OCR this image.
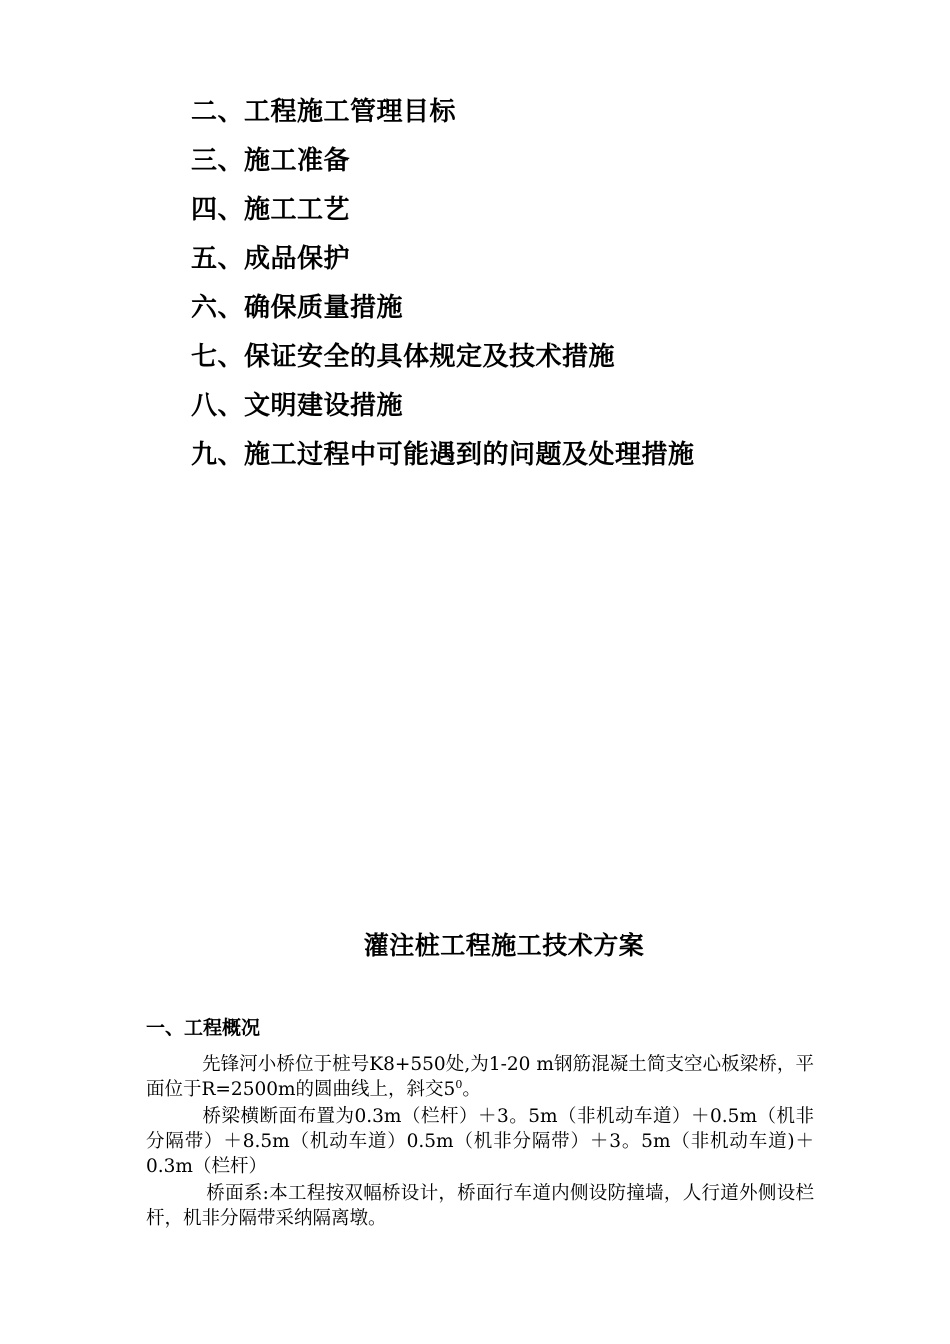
二、工程施工管理目标
三、施工准备
四、施工工艺
五、成品保护
六、确保质量措施
七、保证安全的具体规定及技术措施
八、文明建设措施
九、施工过程中可能遇到的问题及处理措施
灌注桩工程施工技术方案
一、工程概况

先锋河小桥位于桩号K8+550处,为1-20 m钢筋混凝土简支空心板梁桥，平面位于R=2500m的圆曲线上，斜交$5^0$。

桥梁横断面布置为0.3m（栏杆）＋3。5m（非机动车道）＋0.5m（机非分隔带）＋8.5m（机动车道）0.5m（机非分隔带）＋3。5m（非机动车道)＋0.3m（栏杆）

桥面系:本工程按双幅桥设计，桥面行车道内侧设防撞墙，人行道外侧设栏杆，机非分隔带采纳隔离墩。
